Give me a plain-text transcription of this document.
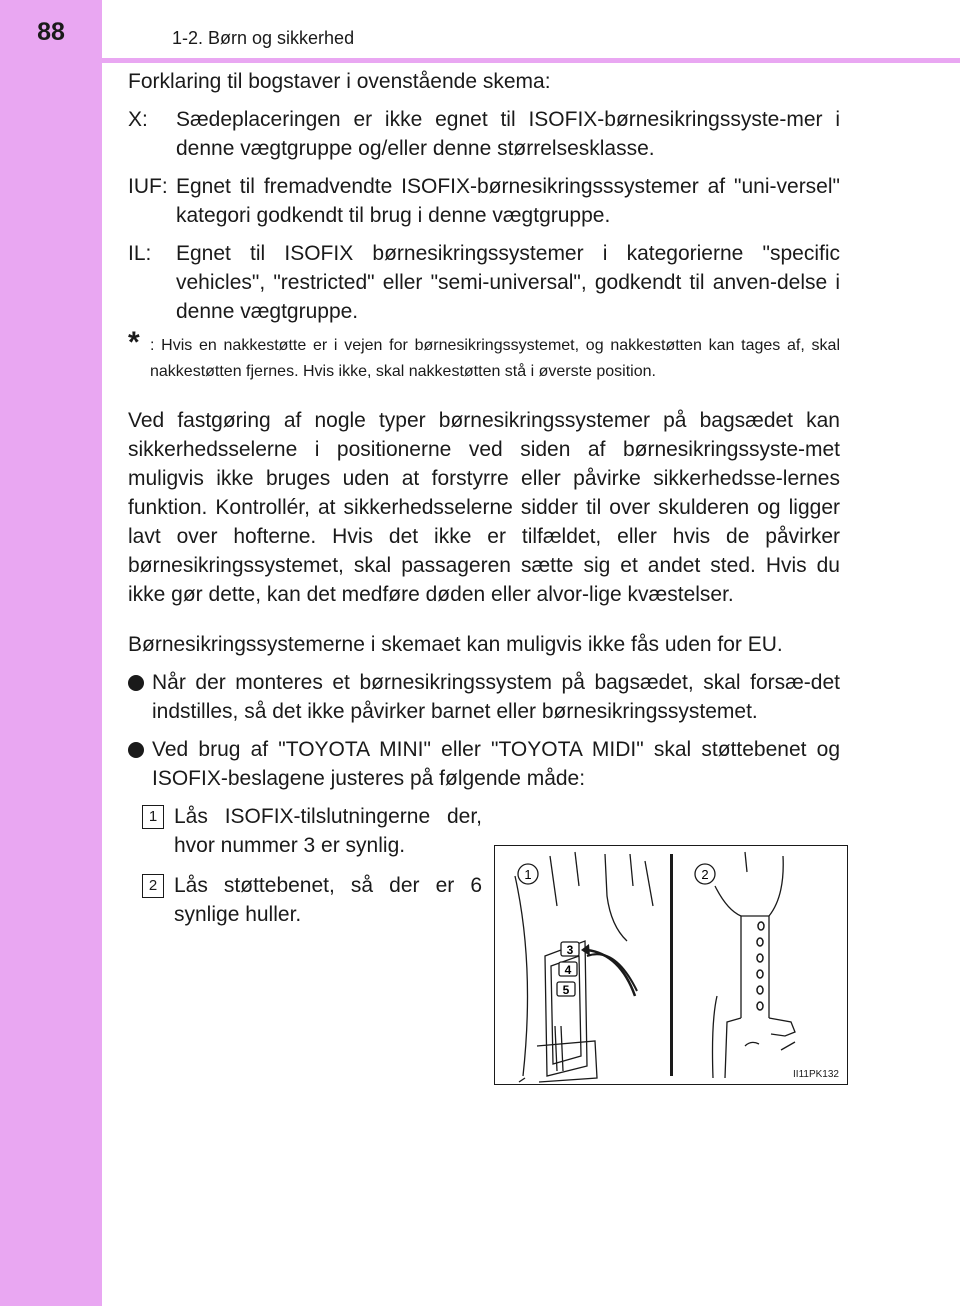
88	1-2. Børn og sikkerhed

Forklaring til bogstaver i ovenstående skema:

X: Sædeplaceringen er ikke egnet til ISOFIX-børnesikringssyste-mer i denne vægtgruppe og/eller denne størrelsesklasse.
IUF: Egnet til fremadvendte ISOFIX-børnesikringsssystemer af "uni-versel" kategori godkendt til brug i denne vægtgruppe.
IL: Egnet til ISOFIX børnesikringssystemer i kategorierne "specific vehicles", "restricted" eller "semi-universal", godkendt til anven-delse i denne vægtgruppe.
* : Hvis en nakkestøtte er i vejen for børnesikringssystemet, og nakkestøtten kan tages af, skal nakkestøtten fjernes. Hvis ikke, skal nakkestøtten stå i øverste position.

Ved fastgøring af nogle typer børnesikringssystemer på bagsædet kan sikkerhedsselerne i positionerne ved siden af børnesikringssyste-met muligvis ikke bruges uden at forstyrre eller påvirke sikkerhedsse-lernes funktion. Kontrollér, at sikkerhedsselerne sidder til over skulderen og ligger lavt over hofterne. Hvis det ikke er tilfældet, eller hvis de påvirker børnesikringssystemet, skal passageren sætte sig et andet sted. Hvis du ikke gør dette, kan det medføre døden eller alvor-lige kvæstelser.

Børnesikringssystemerne i skemaet kan muligvis ikke fås uden for EU.

Når der monteres et børnesikringssystem på bagsædet, skal forsæ-det indstilles, så det ikke påvirker barnet eller børnesikringssystemet.
Ved brug af "TOYOTA MINI" eller "TOYOTA MIDI" skal støttebenet og ISOFIX-beslagene justeres på følgende måde:
1 Lås ISOFIX-tilslutningerne der, hvor nummer 3 er synlig.
2 Lås støttebenet, så der er 6 synlige huller.
3
4
5
1	2
II11PK132
